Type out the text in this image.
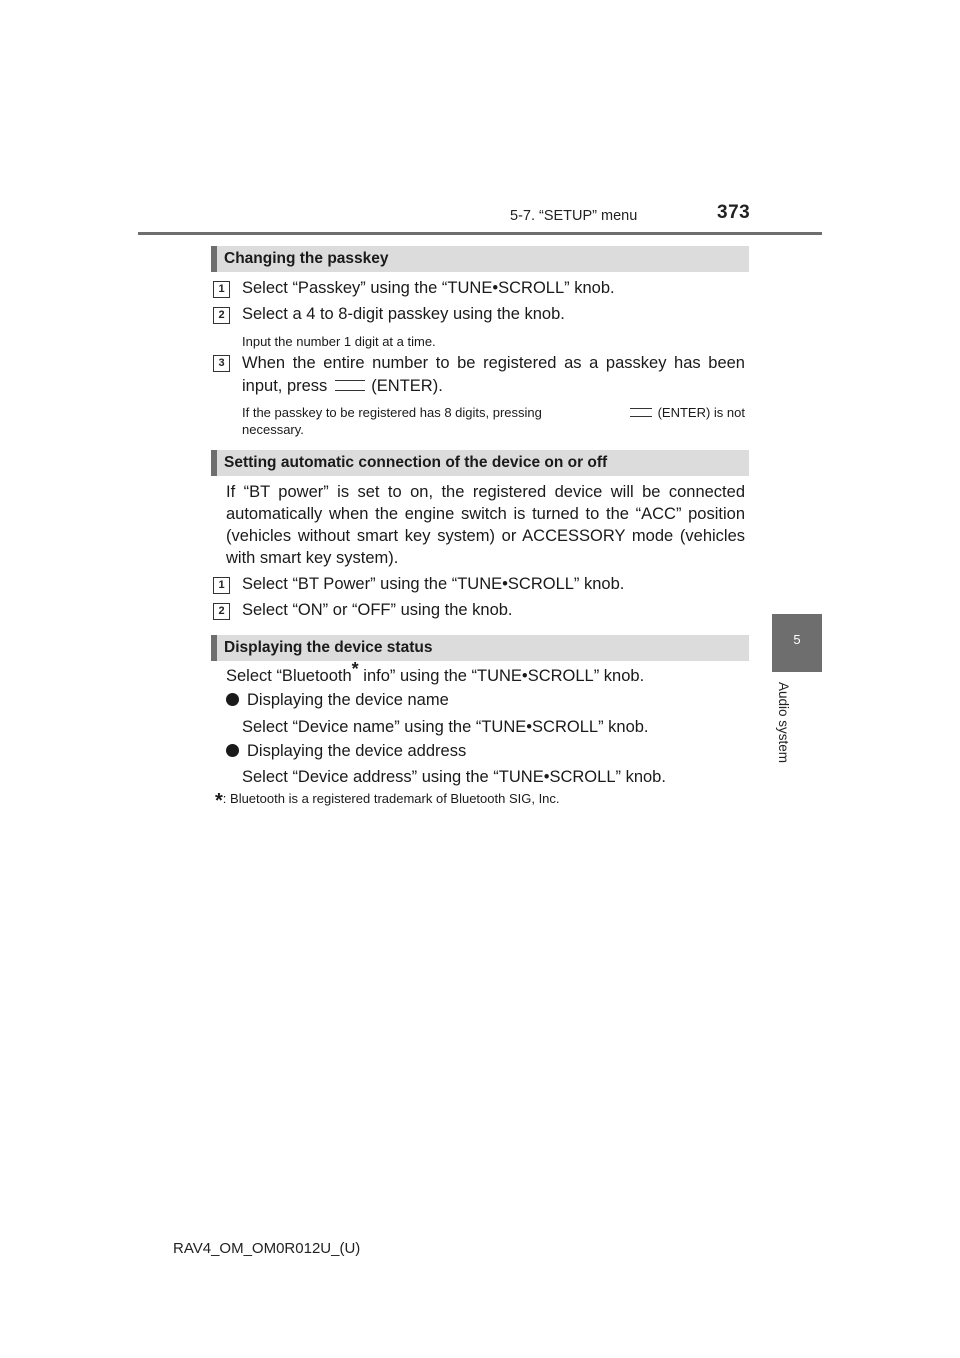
5-7. “SETUP” menu	373
5
Audio system
Changing the passkey
1	Select “Passkey” using the “TUNE•SCROLL” knob.
2	Select a 4 to 8-digit passkey using the knob.
Input the number 1 digit at a time.
3	When the entire number to be registered as a passkey has been
input, press	(ENTER).
If the passkey to be registered has 8 digits, pressing	(ENTER) is not
necessary.
Setting automatic connection of the device on or off
If “BT power” is set to on, the registered device will be connected
automatically when the engine switch is turned to the “ACC” position
(vehicles without smart key system) or ACCESSORY mode (vehicles
with smart key system).
1	Select “BT Power” using the “TUNE•SCROLL” knob.
2	Select “ON” or “OFF” using the knob.
Displaying the device status
Select “Bluetooth* info” using the “TUNE•SCROLL” knob.
Displaying the device name
Select “Device name” using the “TUNE•SCROLL” knob.
Displaying the device address
Select “Device address” using the “TUNE•SCROLL” knob.
*: Bluetooth is a registered trademark of Bluetooth SIG, Inc.
RAV4_OM_OM0R012U_(U)
